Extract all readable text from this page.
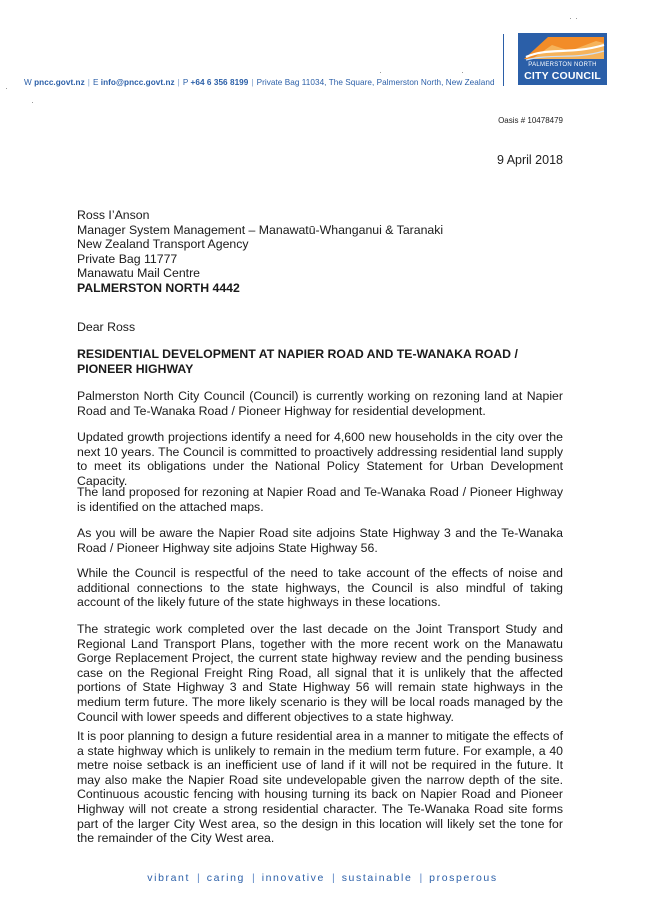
W pncc.govt.nz | E info@pncc.govt.nz | P +64 6 356 8199 | Private Bag 11034, The Square, Palmerston North, New Zealand
PALMERSTON NORTH
CITY COUNCIL
Oasis # 10478479
9 April 2018
Ross I’Anson
Manager System Management – Manawatū-Whanganui & Taranaki
New Zealand Transport Agency
Private Bag 11777
Manawatu Mail Centre
PALMERSTON NORTH 4442
Dear Ross
RESIDENTIAL DEVELOPMENT AT NAPIER ROAD AND TE-WANAKA ROAD / PIONEER HIGHWAY
Palmerston North City Council (Council) is currently working on rezoning land at Napier Road and Te-Wanaka Road / Pioneer Highway for residential development.
Updated growth projections identify a need for 4,600 new households in the city over the next 10 years. The Council is committed to proactively addressing residential land supply to meet its obligations under the National Policy Statement for Urban Development Capacity.
The land proposed for rezoning at Napier Road and Te-Wanaka Road / Pioneer Highway is identified on the attached maps.
As you will be aware the Napier Road site adjoins State Highway 3 and the Te-Wanaka Road / Pioneer Highway site adjoins State Highway 56.
While the Council is respectful of the need to take account of the effects of noise and additional connections to the state highways, the Council is also mindful of taking account of the likely future of the state highways in these locations.
The strategic work completed over the last decade on the Joint Transport Study and Regional Land Transport Plans, together with the more recent work on the Manawatu Gorge Replacement Project, the current state highway review and the pending business case on the Regional Freight Ring Road, all signal that it is unlikely that the affected portions of State Highway 3 and State Highway 56 will remain state highways in the medium term future. The more likely scenario is they will be local roads managed by the Council with lower speeds and different objectives to a state highway.
It is poor planning to design a future residential area in a manner to mitigate the effects of a state highway which is unlikely to remain in the medium term future. For example, a 40 metre noise setback is an inefficient use of land if it will not be required in the future. It may also make the Napier Road site undevelopable given the narrow depth of the site. Continuous acoustic fencing with housing turning its back on Napier Road and Pioneer Highway will not create a strong residential character. The Te-Wanaka Road site forms part of the larger City West area, so the design in this location will likely set the tone for the remainder of the City West area.
vibrant | caring | innovative | sustainable | prosperous
